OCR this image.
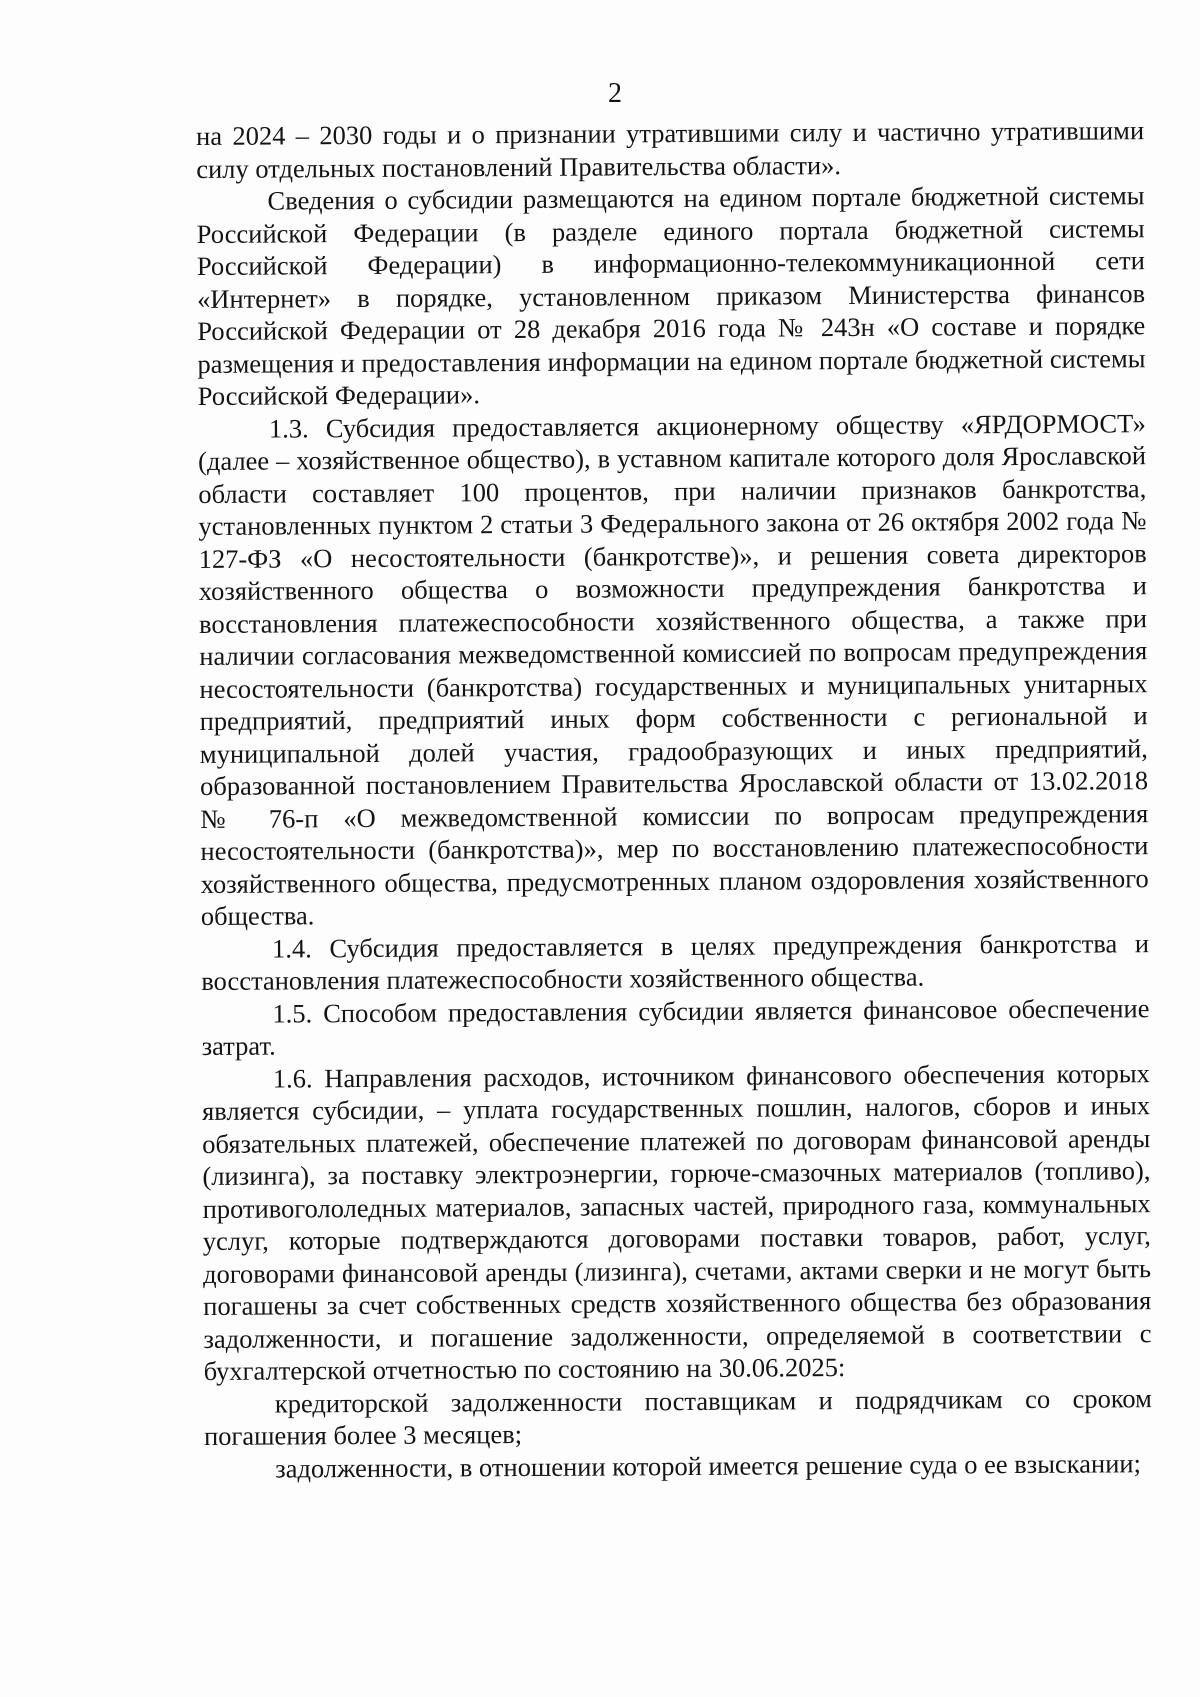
2

на 2024 – 2030 годы и о признании утратившими силу и частично утратившими силу отдельных постановлений Правительства области».

Сведения о субсидии размещаются на едином портале бюджетной системы Российской Федерации (в разделе единого портала бюджетной системы Российской Федерации) в информационно-телекоммуникационной сети «Интернет» в порядке, установленном приказом Министерства финансов Российской Федерации от 28 декабря 2016 года № 243н «О составе и порядке размещения и предоставления информации на едином портале бюджетной системы Российской Федерации».

1.3. Субсидия предоставляется акционерному обществу «ЯРДОРМОСТ» (далее – хозяйственное общество), в уставном капитале которого доля Ярославской области составляет 100 процентов, при наличии признаков банкротства, установленных пунктом 2 статьи 3 Федерального закона от 26 октября 2002 года № 127-ФЗ «О несостоятельности (банкротстве)», и решения совета директоров хозяйственного общества о возможности предупреждения банкротства и восстановления платежеспособности хозяйственного общества, а также при наличии согласования межведомственной комиссией по вопросам предупреждения несостоятельности (банкротства) государственных и муниципальных унитарных предприятий, предприятий иных форм собственности с региональной и муниципальной долей участия, градообразующих и иных предприятий, образованной постановлением Правительства Ярославской области от 13.02.2018 № 76-п «О межведомственной комиссии по вопросам предупреждения несостоятельности (банкротства)», мер по восстановлению платежеспособности хозяйственного общества, предусмотренных планом оздоровления хозяйственного общества.

1.4. Субсидия предоставляется в целях предупреждения банкротства и восстановления платежеспособности хозяйственного общества.

1.5. Способом предоставления субсидии является финансовое обеспечение затрат.

1.6. Направления расходов, источником финансового обеспечения которых является субсидии, – уплата государственных пошлин, налогов, сборов и иных обязательных платежей, обеспечение платежей по договорам финансовой аренды (лизинга), за поставку электроэнергии, горюче-смазочных материалов (топливо), противогололедных материалов, запасных частей, природного газа, коммунальных услуг, которые подтверждаются договорами поставки товаров, работ, услуг, договорами финансовой аренды (лизинга), счетами, актами сверки и не могут быть погашены за счет собственных средств хозяйственного общества без образования задолженности, и погашение задолженности, определяемой в соответствии с бухгалтерской отчетностью по состоянию на 30.06.2025:

кредиторской задолженности поставщикам и подрядчикам со сроком погашения более 3 месяцев;

задолженности, в отношении которой имеется решение суда о ее взыскании;
